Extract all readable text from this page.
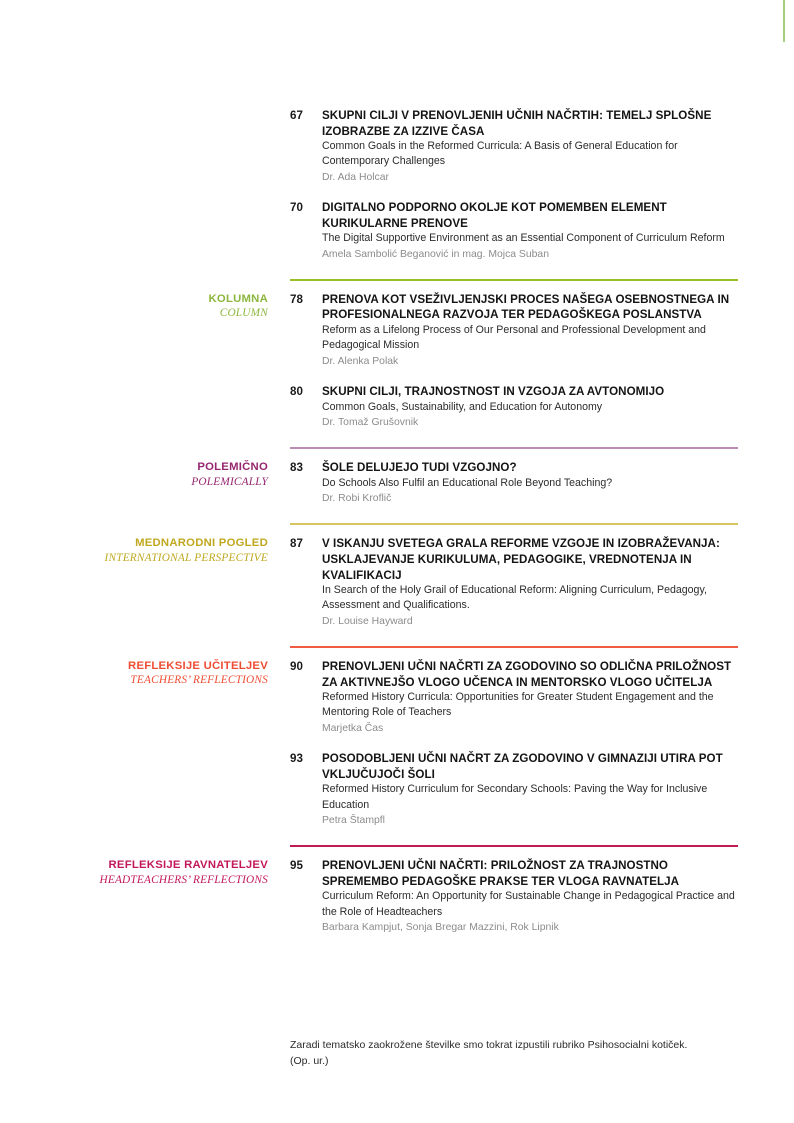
67	SKUPNI CILJI V PRENOVLJENIH UČNIH NAČRTIH: TEMELJ SPLOŠNE IZOBRAZBE ZA IZZIVE ČASA
Common Goals in the Reformed Curricula: A Basis of General Education for Contemporary Challenges
Dr. Ada Holcar
70	DIGITALNO PODPORNO OKOLJE KOT POMEMBEN ELEMENT KURIKULARNE PRENOVE
The Digital Supportive Environment as an Essential Component of Curriculum Reform
Amela Sambolić Beganović in mag. Mojca Suban
KOLUMNA
COLUMN
78	PRENOVA KOT VSEŽIVLJENJSKI PROCES NAŠEGA OSEBNOSTNEGA IN PROFESIONALNEGA RAZVOJA TER PEDAGOŠKEGA POSLANSTVA
Reform as a Lifelong Process of Our Personal and Professional Development and Pedagogical Mission
Dr. Alenka Polak
80	SKUPNI CILJI, TRAJNOSTNOST IN VZGOJA ZA AVTONOMIJO
Common Goals, Sustainability, and Education for Autonomy
Dr. Tomaž Grušovnik
POLEMIČNO
POLEMICALLY
83	ŠOLE DELUJEJO TUDI VZGOJNO?
Do Schools Also Fulfil an Educational Role Beyond Teaching?
Dr. Robi Kroflič
MEDNARODNI POGLED
INTERNATIONAL PERSPECTIVE
87	V ISKANJU SVETEGA GRALA REFORME VZGOJE IN IZOBRAŽEVANJA: USKLAJEVANJE KURIKULUMA, PEDAGOGIKE, VREDNOTENJA IN KVALIFIKACIJ
In Search of the Holy Grail of Educational Reform: Aligning Curriculum, Pedagogy, Assessment and Qualifications.
Dr. Louise Hayward
REFLEKSIJE UČITELJEV
TEACHERS’ REFLECTIONS
90	PRENOVLJENI UČNI NAČRTI ZA ZGODOVINO SO ODLIČNA PRILOŽNOST ZA AKTIVNEJŠO VLOGO UČENCA IN MENTORSKO VLOGO UČITELJA
Reformed History Curricula: Opportunities for Greater Student Engagement and the Mentoring Role of Teachers
Marjetka Čas
93	POSODOBLJENI UČNI NAČRT ZA ZGODOVINO V GIMNAZIJI UTIRA POT VKLJUČUJOČI ŠOLI
Reformed History Curriculum for Secondary Schools: Paving the Way for Inclusive Education
Petra Štampfl
REFLEKSIJE RAVNATELJEV
HEADTEACHERS’ REFLECTIONS
95	PRENOVLJENI UČNI NAČRTI: PRILOŽNOST ZA TRAJNOSTNO SPREMEMBO PEDAGOŠKE PRAKSE TER VLOGA RAVNATELJA
Curriculum Reform: An Opportunity for Sustainable Change in Pedagogical Practice and the Role of Headteachers
Barbara Kampjut, Sonja Bregar Mazzini, Rok Lipnik
Zaradi tematsko zaokrožene številke smo tokrat izpustili rubriko Psihosocialni kotiček. (Op. ur.)
